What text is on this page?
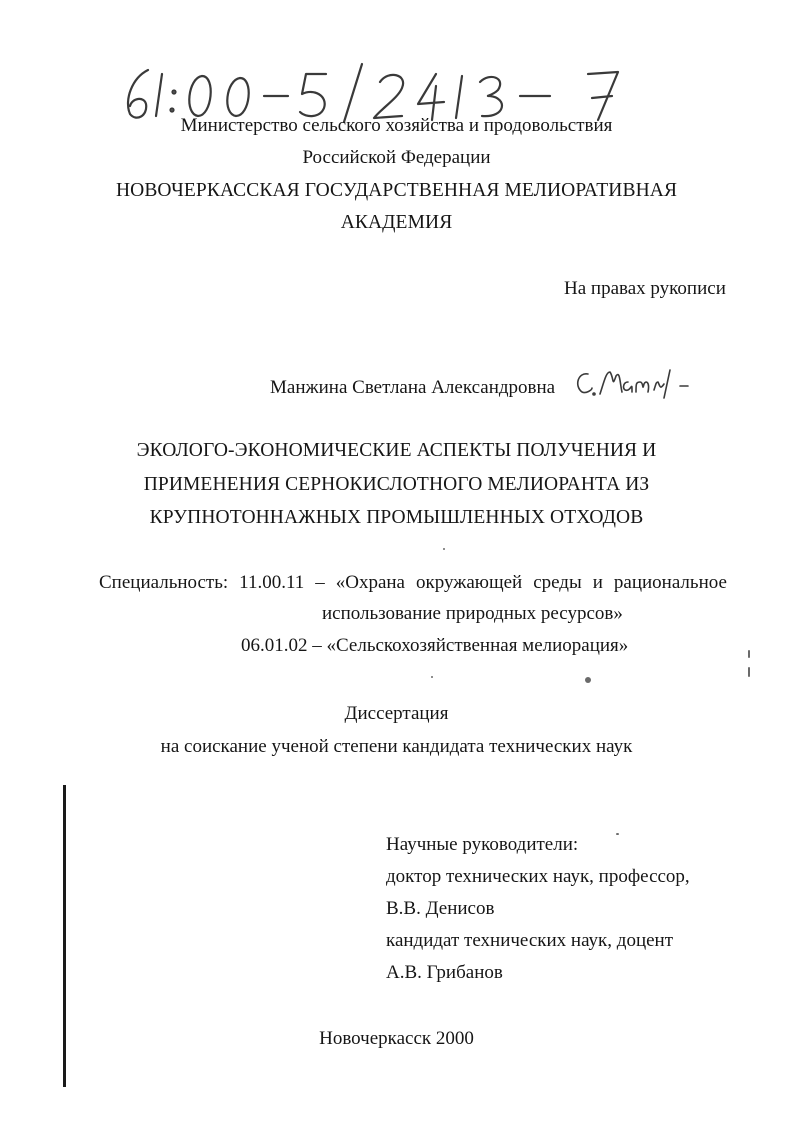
Министерство сельского хозяйства и продовольствия
Российской Федерации
НОВОЧЕРКАССКАЯ ГОСУДАРСТВЕННАЯ МЕЛИОРАТИВНАЯ
АКАДЕМИЯ
На правах рукописи
Манжина Светлана Александровна
ЭКОЛОГО-ЭКОНОМИЧЕСКИЕ АСПЕКТЫ ПОЛУЧЕНИЯ И
ПРИМЕНЕНИЯ СЕРНОКИСЛОТНОГО МЕЛИОРАНТА ИЗ
КРУПНОТОННАЖНЫХ ПРОМЫШЛЕННЫХ ОТХОДОВ
Специальность: 11.00.11 – «Охрана окружающей среды и рациональное
использование природных ресурсов»
06.01.02 – «Сельскохозяйственная мелиорация»
Диссертация
на соискание ученой степени кандидата технических наук
Научные руководители:
доктор технических наук, профессор,
В.В. Денисов
кандидат технических наук, доцент
А.В. Грибанов
Новочеркасск 2000
